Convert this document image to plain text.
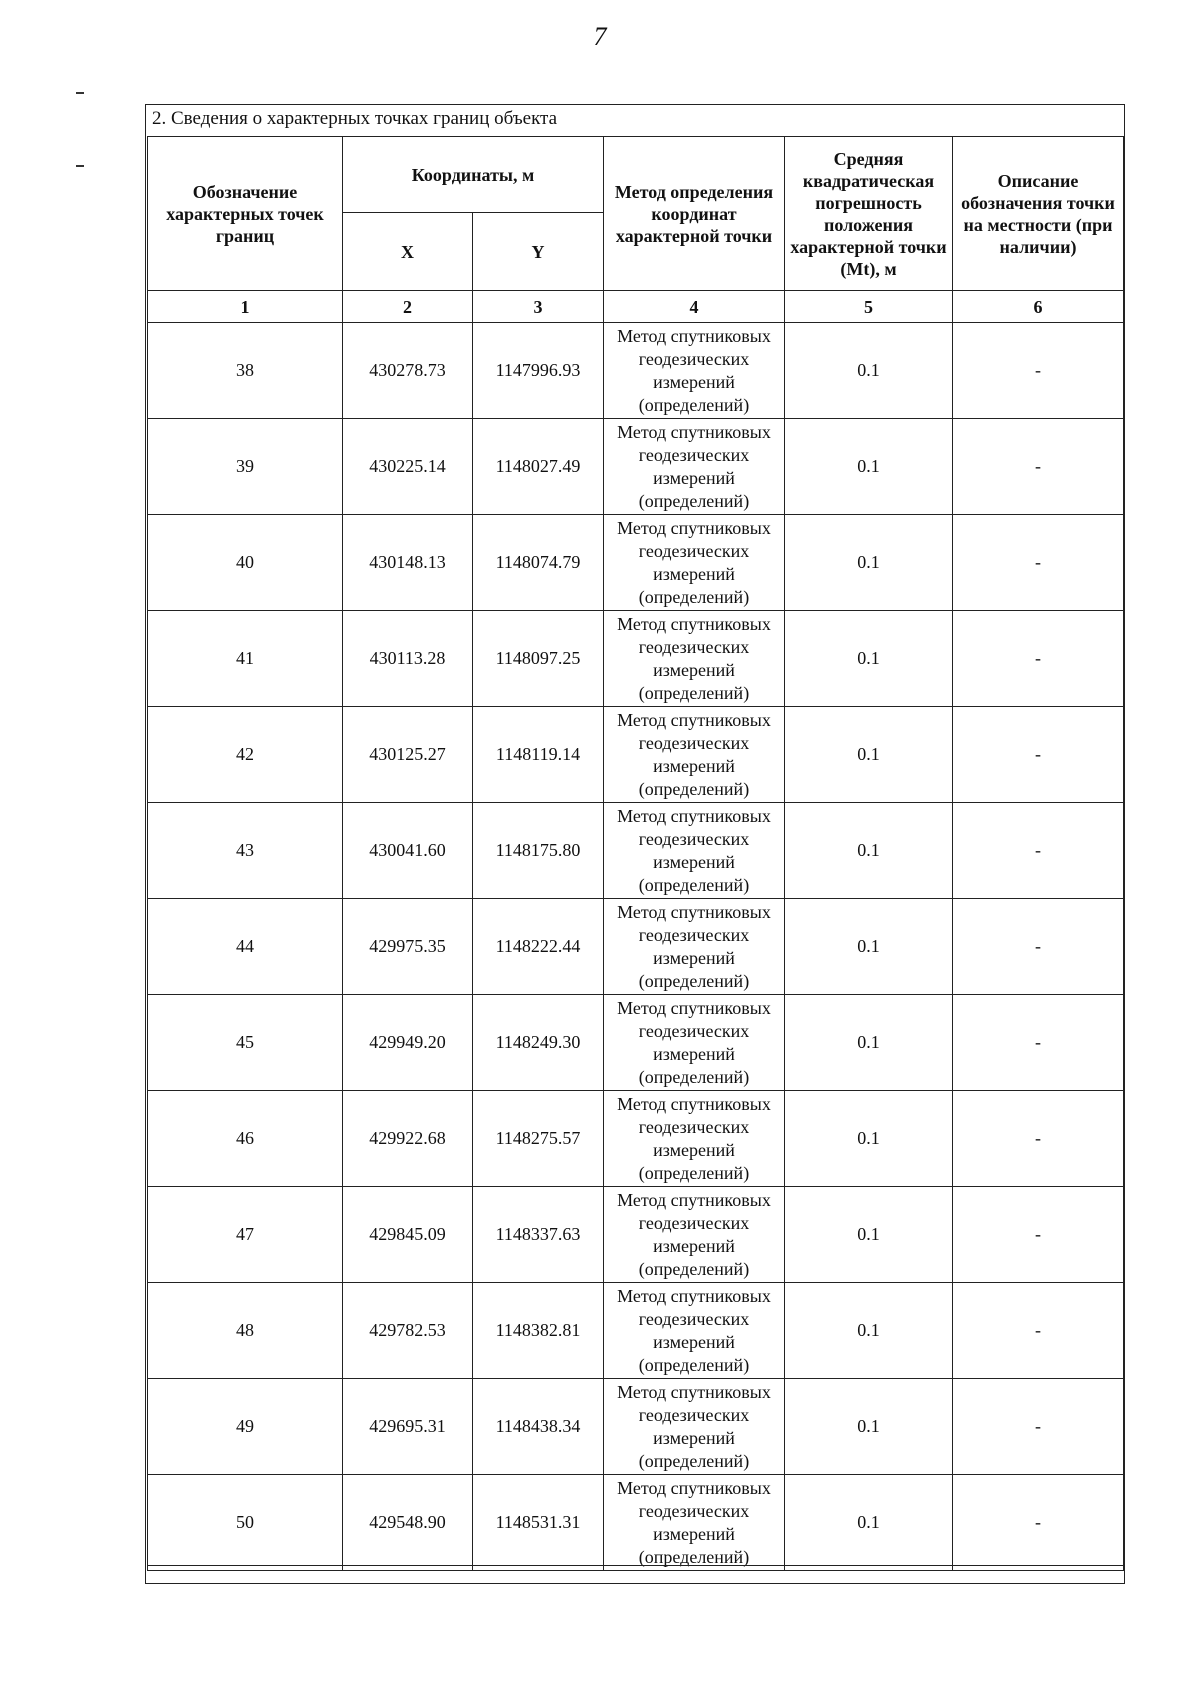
7
2. Сведения о характерных точках границ объекта
Обозначение характерных точек границ	Координаты, м		Метод определения координат характерной точки	Средняя квадратическая погрешность положения характерной точки (Mt), м	Описание обозначения точки на местности (при наличии)
	X	Y			
1	2	3	4	5	6
38	430278.73	1147996.93	Метод спутниковых
геодезических
измерений
(определений)	0.1	-
39	430225.14	1148027.49	Метод спутниковых
геодезических
измерений
(определений)	0.1	-
40	430148.13	1148074.79	Метод спутниковых
геодезических
измерений
(определений)	0.1	-
41	430113.28	1148097.25	Метод спутниковых
геодезических
измерений
(определений)	0.1	-
42	430125.27	1148119.14	Метод спутниковых
геодезических
измерений
(определений)	0.1	-
43	430041.60	1148175.80	Метод спутниковых
геодезических
измерений
(определений)	0.1	-
44	429975.35	1148222.44	Метод спутниковых
геодезических
измерений
(определений)	0.1	-
45	429949.20	1148249.30	Метод спутниковых
геодезических
измерений
(определений)	0.1	-
46	429922.68	1148275.57	Метод спутниковых
геодезических
измерений
(определений)	0.1	-
47	429845.09	1148337.63	Метод спутниковых
геодезических
измерений
(определений)	0.1	-
48	429782.53	1148382.81	Метод спутниковых
геодезических
измерений
(определений)	0.1	-
49	429695.31	1148438.34	Метод спутниковых
геодезических
измерений
(определений)	0.1	-
50	429548.90	1148531.31	Метод спутниковых
геодезических
измерений
(определений)	0.1	-
